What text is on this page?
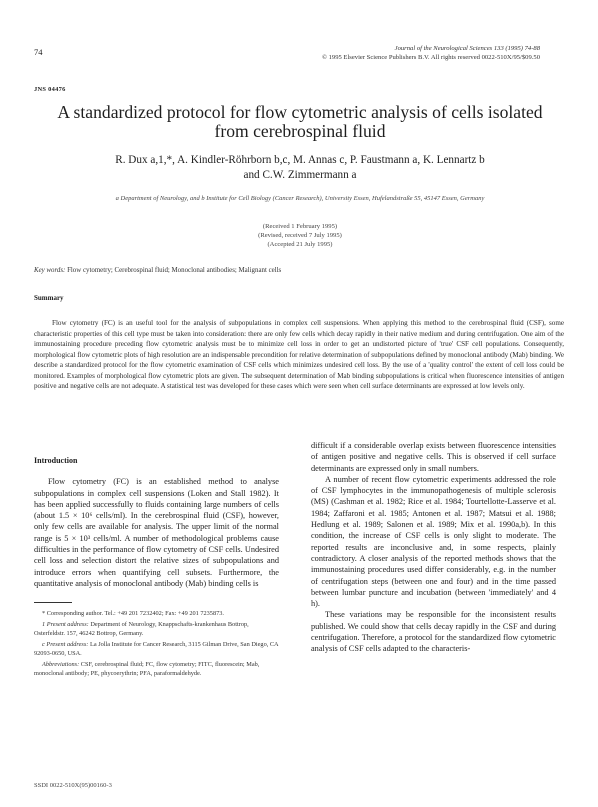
74	Journal of the Neurological Sciences 133 (1995) 74-88
© 1995 Elsevier Science Publishers B.V. All rights reserved 0022-510X/95/$09.50
JNS 04476
A standardized protocol for flow cytometric analysis of cells isolated from cerebrospinal fluid
R. Dux a,1,*, A. Kindler-Röhrborn b,c, M. Annas c, P. Faustmann a, K. Lennartz b
and C.W. Zimmermann a
a Department of Neurology, and b Institute for Cell Biology (Cancer Research), University Essen, Hufelandstraße 55, 45147 Essen, Germany
(Received 1 February 1995)
(Revised, received 7 July 1995)
(Accepted 21 July 1995)
Key words: Flow cytometry; Cerebrospinal fluid; Monoclonal antibodies; Malignant cells
Summary
Flow cytometry (FC) is an useful tool for the analysis of subpopulations in complex cell suspensions. When applying this method to the cerebrospinal fluid (CSF), some characteristic properties of this cell type must be taken into consideration: there are only few cells which decay rapidly in their native medium and during centrifugation. One aim of the immunostaining procedure preceding flow cytometric analysis must be to minimize cell loss in order to get an undistorted picture of 'true' CSF cell populations. Consequently, morphological flow cytometric plots of high resolution are an indispensable precondition for relative determination of subpopulations defined by monoclonal antibody (Mab) binding. We describe a standardized protocol for the flow cytometric examination of CSF cells which minimizes undesired cell loss. By the use of a 'quality control' the extent of cell loss could be monitored. Examples of morphological flow cytometric plots are given. The subsequent determination of Mab binding subpopulations is critical when fluorescence intensities of antigen positive and negative cells are not adequate. A statistical test was developed for these cases which were seen when cell surface determinants are expressed at low levels only.
Introduction

Flow cytometry (FC) is an established method to analyse subpopulations in complex cell suspensions (Loken and Stall 1982). It has been applied successfully to fluids containing large numbers of cells (about 1.5 × 10⁶ cells/ml). In the cerebrospinal fluid (CSF), however, only few cells are available for analysis. The upper limit of the normal range is 5 × 10³ cells/ml. A number of methodological problems cause difficulties in the performance of flow cytometry of CSF cells. Undesired cell loss and selection distort the relative sizes of subpopulations and introduce errors when quantifying cell subsets. Furthermore, the quantitative analysis of monoclonal antibody (Mab) binding cells is

* Corresponding author. Tel.: +49 201 7232402; Fax: +49 201 7235873.

1 Present address: Department of Neurology, Knappschafts-krankenhaus Bottrop, Osterfeldstr. 157, 46242 Bottrop, Germany.

c Present address: La Jolla Institute for Cancer Research, 3115 Gilman Drive, San Diego, CA 92093-0650, USA.

Abbreviations: CSF, cerebrospinal fluid; FC, flow cytometry; FITC, fluorescein; Mab, monoclonal antibody; PE, phycoerythrin; PFA, paraformaldehyde.

difficult if a considerable overlap exists between fluorescence intensities of antigen positive and negative cells. This is observed if cell surface determinants are expressed only in small numbers.

A number of recent flow cytometric experiments addressed the role of CSF lymphocytes in the immunopathogenesis of multiple sclerosis (MS) (Cashman et al. 1982; Rice et al. 1984; Tourtellotte-Lasserve et al. 1984; Zaffaroni et al. 1985; Antonen et al. 1987; Matsui et al. 1988; Hedlung et al. 1989; Salonen et al. 1989; Mix et al. 1990a,b). In this condition, the increase of CSF cells is only slight to moderate. The reported results are inconclusive and, in some respects, plainly contradictory. A closer analysis of the reported methods shows that the immunostaining procedures used differ considerably, e.g. in the number of centrifugation steps (between one and four) and in the time passed between lumbar puncture and incubation (between 'immediately' and 4 h).

These variations may be responsible for the inconsistent results published. We could show that cells decay rapidly in the CSF and during centrifugation. Therefore, a protocol for the standardized flow cytometric analysis of CSF cells adapted to the characteris-

SSDI 0022-510X(95)00160-3
